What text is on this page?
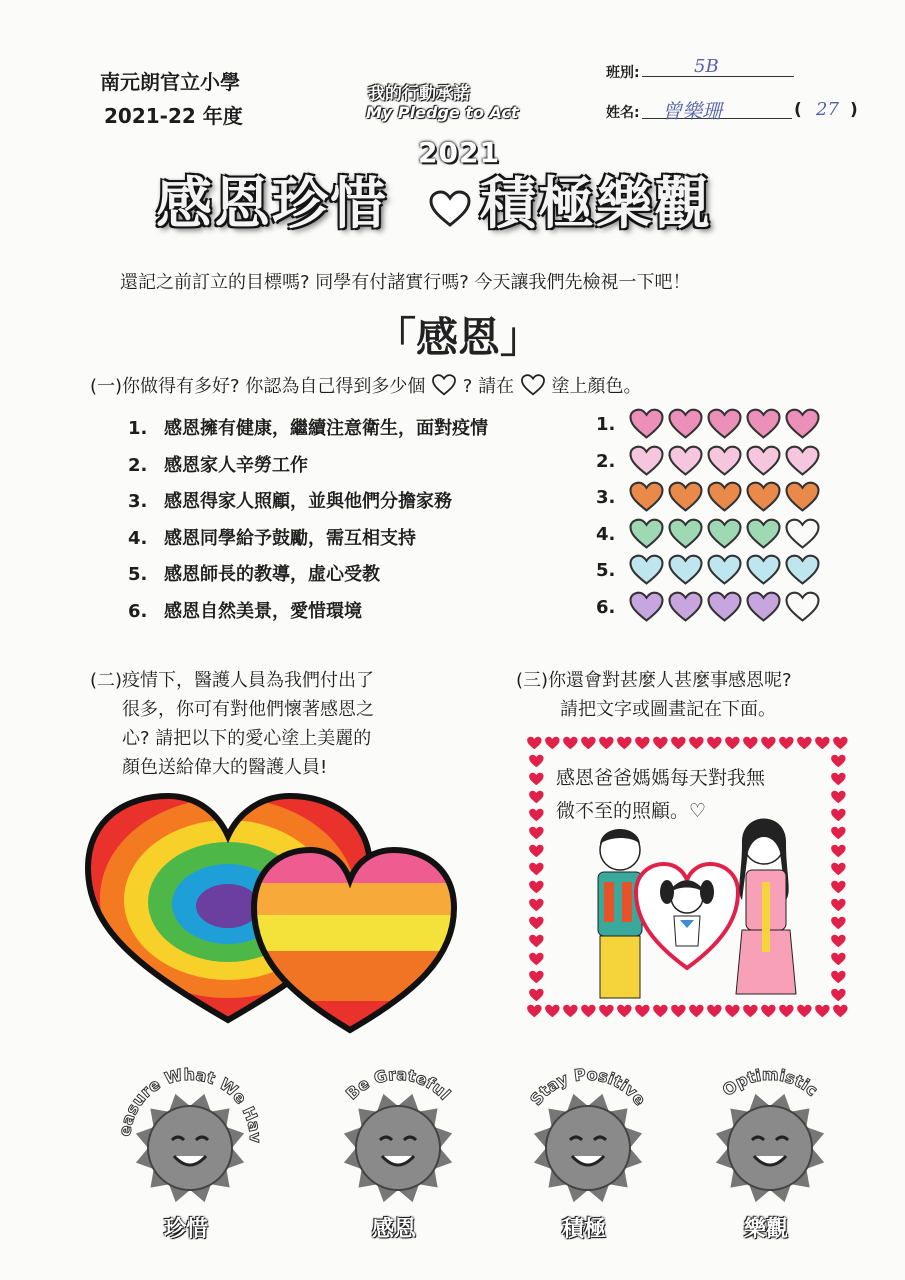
南元朗官立小學
2021-22 年度
我的行動承諾
My Pledge to Act
班別:	5B
姓名: 曾樂珊	( 27 )
2021
感恩珍惜 積極樂觀
還記之前訂立的目標嗎? 同學有付諸實行嗎? 今天讓我們先檢視一下吧！
「感恩」
(一)你做得有多好? 你認為自己得到多少個 ? 請在 塗上顏色。
1. 感恩擁有健康，繼續注意衛生，面對疫情	1.
2. 感恩家人辛勞工作	2.
3. 感恩得家人照顧，並與他們分擔家務	3.
4. 感恩同學給予鼓勵，需互相支持	4.
5. 感恩師長的教導，虛心受教	5.
6. 感恩自然美景，愛惜環境	6.
(二)疫情下，醫護人員為我們付出了
很多，你可有對他們懷著感恩之
心? 請把以下的愛心塗上美麗的
顏色送給偉大的醫護人員!
(三)你還會對甚麼人甚麼事感恩呢?
請把文字或圖畫記在下面。
感恩爸爸媽媽每天對我無
微不至的照顧。♡
easure What We Hav
珍惜
Be Grateful
感恩
Stay Positive
積極
Optimistic
樂觀
